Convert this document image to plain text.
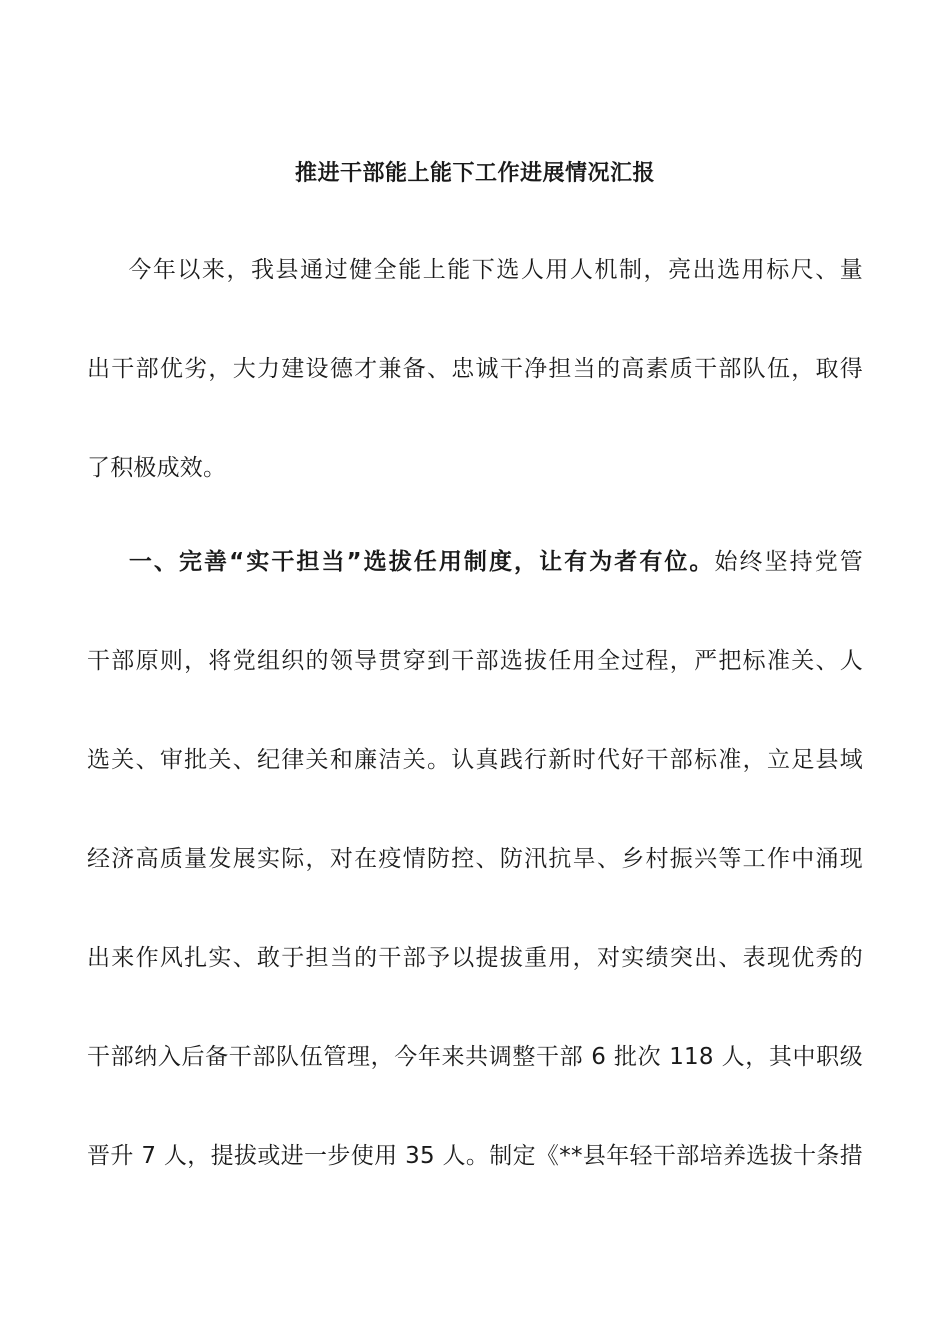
推进干部能上能下工作进展情况汇报
今年以来，我县通过健全能上能下选人用人机制，亮出选用标尺、量
出干部优劣，大力建设德才兼备、忠诚干净担当的高素质干部队伍，取得
了积极成效。
一、完善“实干担当”选拔任用制度，让有为者有位。始终坚持党管
干部原则，将党组织的领导贯穿到干部选拔任用全过程，严把标准关、人
选关、审批关、纪律关和廉洁关。认真践行新时代好干部标准，立足县域
经济高质量发展实际，对在疫情防控、防汛抗旱、乡村振兴等工作中涌现
出来作风扎实、敢于担当的干部予以提拔重用，对实绩突出、表现优秀的
干部纳入后备干部队伍管理，今年来共调整干部 6 批次 118 人，其中职级
晋升 7 人，提拔或进一步使用 35 人。制定《**县年轻干部培养选拔十条措
